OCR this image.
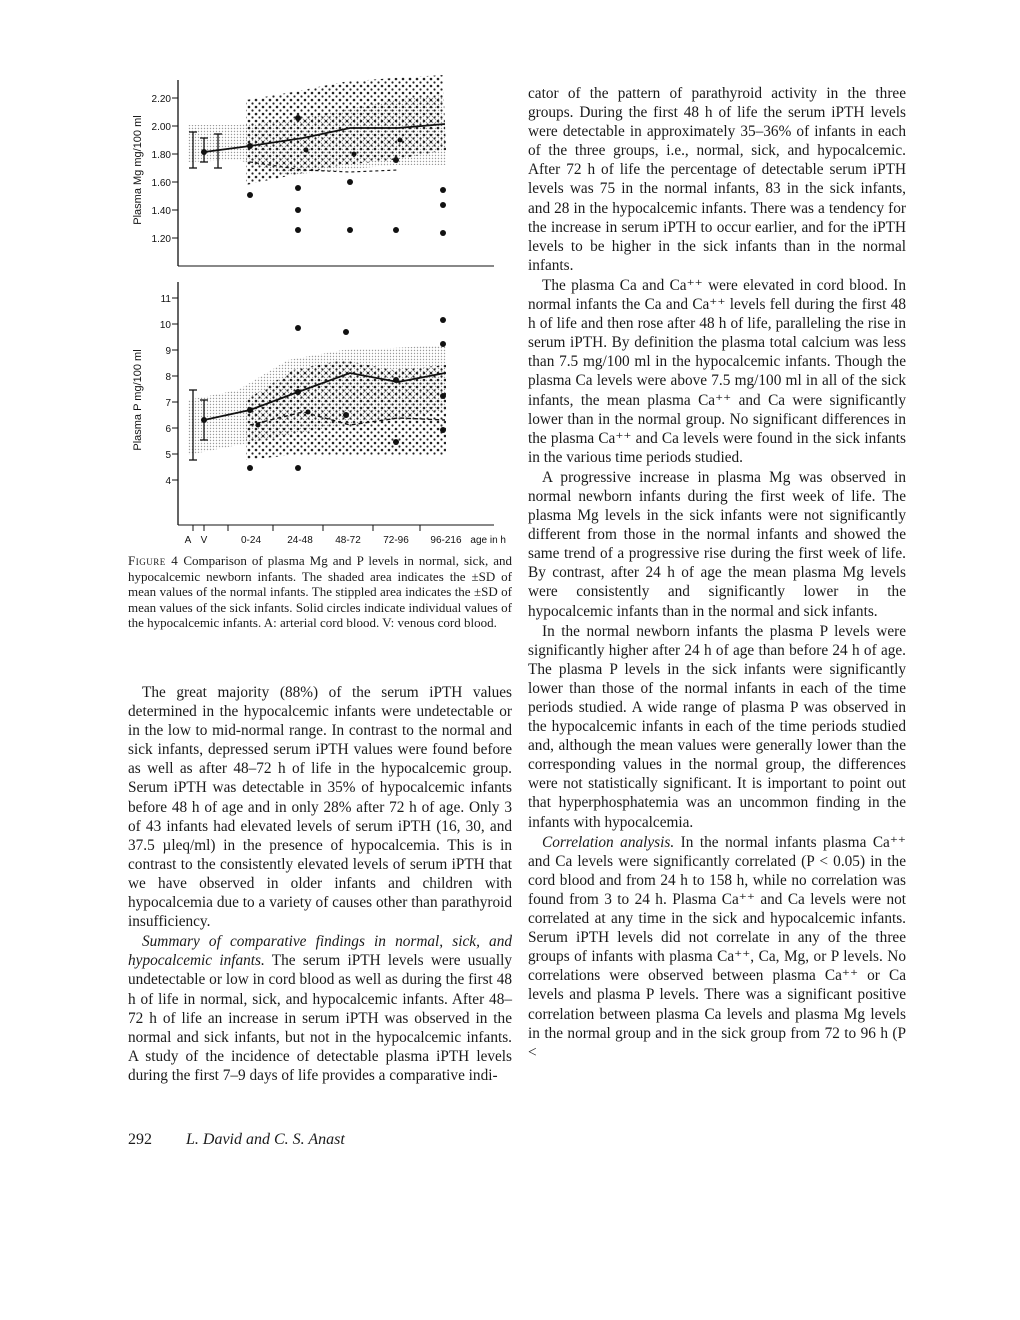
2.20
2.00
1.80
1.60
1.40
1.20
Plasma Mg mg/100 ml
11
10
9
8
7
6
5
4
Plasma P mg/100 ml
A V	0-24	24-48 48-72 72-96 96-216 age in h
Figure 4 Comparison of plasma Mg and P levels in normal, sick, and hypocalcemic newborn infants. The shaded area indicates the ±SD of mean values of the normal infants. The stippled area indicates the ±SD of mean values of the sick infants. Solid circles indicate individual values of the hypocalcemic infants. A: arterial cord blood. V: venous cord blood.

The great majority (88%) of the serum iPTH values determined in the hypocalcemic infants were undetectable or in the low to mid-normal range. In contrast to the normal and sick infants, depressed serum iPTH values were found before as well as after 48–72 h of life in the hypocalcemic group. Serum iPTH was detectable in 35% of hypocalcemic infants before 48 h of age and in only 28% after 72 h of age. Only 3 of 43 infants had elevated levels of serum iPTH (16, 30, and 37.5 µleq/ml) in the presence of hypocalcemia. This is in contrast to the consistently elevated levels of serum iPTH that we have observed in older infants and children with hypocalcemia due to a variety of causes other than parathyroid insufficiency.

Summary of comparative findings in normal, sick, and hypocalcemic infants. The serum iPTH levels were usually undetectable or low in cord blood as well as during the first 48 h of life in normal, sick, and hypocalcemic infants. After 48–72 h of life an increase in serum iPTH was observed in the normal and sick infants, but not in the hypocalcemic infants. A study of the incidence of detectable plasma iPTH levels during the first 7–9 days of life provides a comparative indi-

cator of the pattern of parathyroid activity in the three groups. During the first 48 h of life the serum iPTH levels were detectable in approximately 35–36% of infants in each of the three groups, i.e., normal, sick, and hypocalcemic. After 72 h of life the percentage of detectable serum iPTH levels was 75 in the normal infants, 83 in the sick infants, and 28 in the hypocalcemic infants. There was a tendency for the increase in serum iPTH to occur earlier, and for the iPTH levels to be higher in the sick infants than in the normal infants.

The plasma Ca and Ca⁺⁺ were elevated in cord blood. In normal infants the Ca and Ca⁺⁺ levels fell during the first 48 h of life and then rose after 48 h of life, paralleling the rise in serum iPTH. By definition the plasma total calcium was less than 7.5 mg/100 ml in the hypocalcemic infants. Though the plasma Ca levels were above 7.5 mg/100 ml in all of the sick infants, the mean plasma Ca⁺⁺ and Ca were significantly lower than in the normal group. No significant differences in the plasma Ca⁺⁺ and Ca levels were found in the sick infants in the various time periods studied.

A progressive increase in plasma Mg was observed in normal newborn infants during the first week of life. The plasma Mg levels in the sick infants were not significantly different from those in the normal infants and showed the same trend of a progressive rise during the first week of life. By contrast, after 24 h of age the mean plasma Mg levels were consistently and significantly lower in the hypocalcemic infants than in the normal and sick infants.

In the normal newborn infants the plasma P levels were significantly higher after 24 h of age than before 24 h of age. The plasma P levels in the sick infants were significantly lower than those of the normal infants in each of the time periods studied. A wide range of plasma P was observed in the hypocalcemic infants in each of the time periods studied and, although the mean values were generally lower than the corresponding values in the normal group, the differences were not statistically significant. It is important to point out that hyperphosphatemia was an uncommon finding in the infants with hypocalcemia.

Correlation analysis. In the normal infants plasma Ca⁺⁺ and Ca levels were significantly correlated (P < 0.05) in the cord blood and from 24 h to 158 h, while no correlation was found from 3 to 24 h. Plasma Ca⁺⁺ and Ca levels were not correlated at any time in the sick and hypocalcemic infants. Serum iPTH levels did not correlate in any of the three groups of infants with plasma Ca⁺⁺, Ca, Mg, or P levels. No correlations were observed between plasma Ca⁺⁺ or Ca levels and plasma P levels. There was a significant positive correlation between plasma Ca levels and plasma Mg levels in the normal group and in the sick group from 72 to 96 h (P <

292 L. David and C. S. Anast
